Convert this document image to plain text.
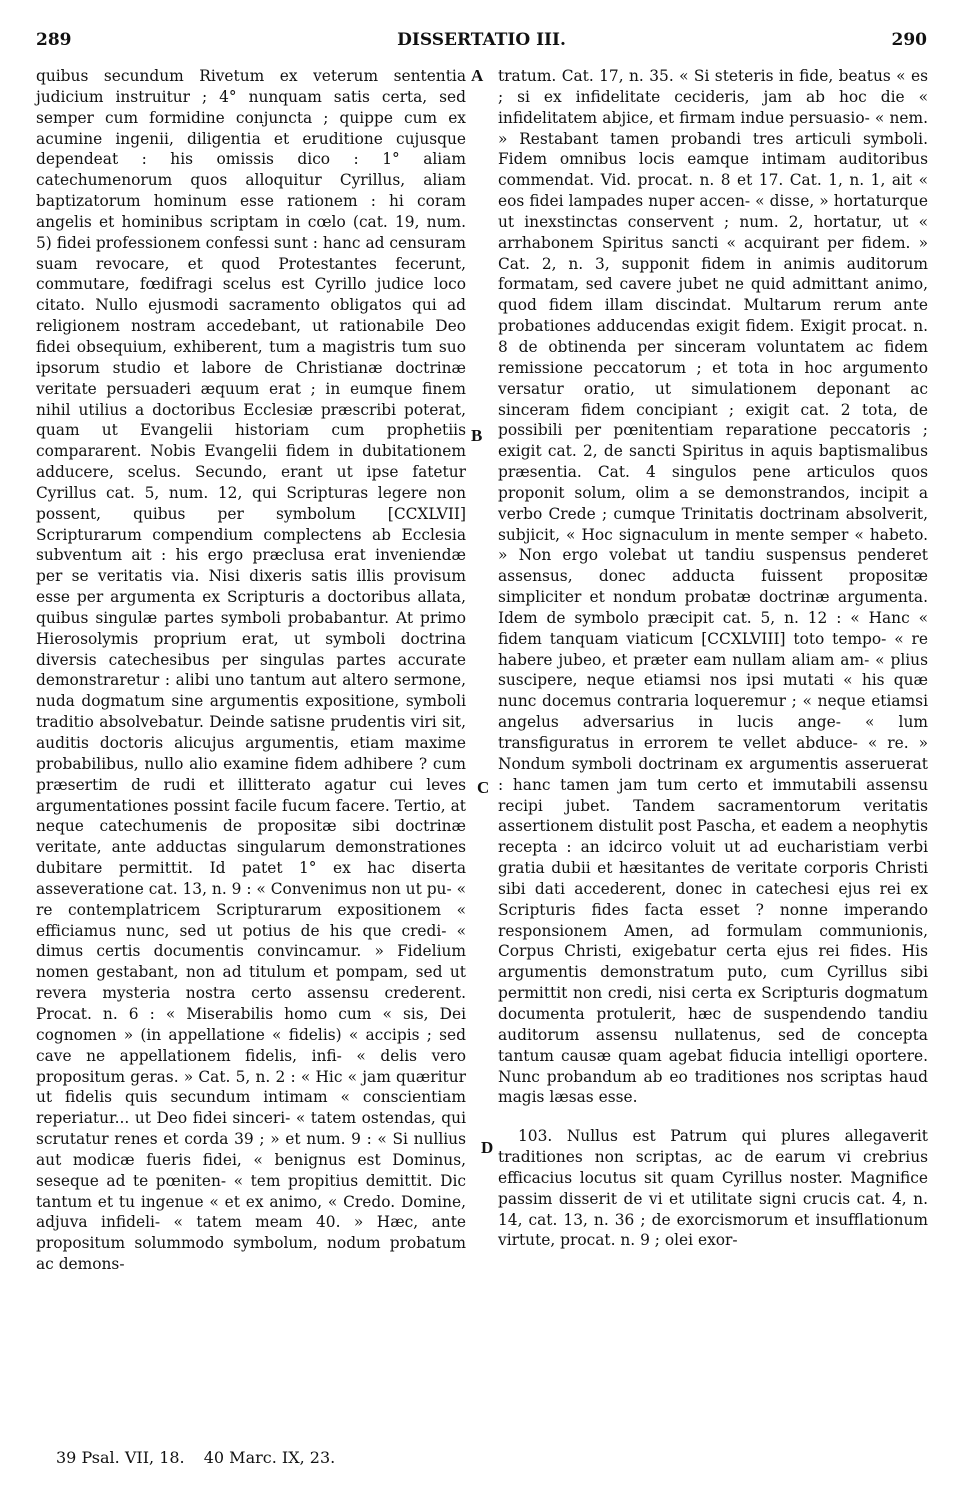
289	DISSERTATIO III.	290

quibus secundum Rivetum ex veterum sententia judicium instruitur ; 4° nunquam satis certa, sed semper cum formidine conjuncta ; quippe cum ex acumine ingenii, diligentia et eruditione cujusque dependeat : his omissis dico : 1° aliam catechumenorum quos alloquitur Cyrillus, aliam baptizatorum hominum esse rationem : hi coram angelis et hominibus scriptam in cœlo (cat. 19, num. 5) fidei professionem confessi sunt : hanc ad censuram suam revocare, et quod Protestantes fecerunt, commutare, fœdifragi scelus est Cyrillo judice loco citato. Nullo ejusmodi sacramento obligatos qui ad religionem nostram accedebant, ut rationabile Deo fidei obsequium, exhiberent, tum a magistris tum suo ipsorum studio et labore de Christianæ doctrinæ veritate persuaderi æquum erat ; in eumque finem nihil utilius a doctoribus Ecclesiæ præscribi poterat, quam ut Evangelii historiam cum prophetiis compararent. Nobis Evangelii fidem in dubitationem adducere, scelus. Secundo, erant ut ipse fatetur Cyrillus cat. 5, num. 12, qui Scripturas legere non possent, quibus per symbolum [CCXLVII] Scripturarum compendium complectens ab Ecclesia subventum ait : his ergo præclusa erat inveniendæ per se veritatis via. Nisi dixeris satis illis provisum esse per argumenta ex Scripturis a doctoribus allata, quibus singulæ partes symboli probabantur. At primo Hierosolymis proprium erat, ut symboli doctrina diversis catechesibus per singulas partes accurate demonstraretur : alibi uno tantum aut altero sermone, nuda dogmatum sine argumentis expositione, symboli traditio absolvebatur. Deinde satisne prudentis viri sit, auditis doctoris alicujus argumentis, etiam maxime probabilibus, nullo alio examine fidem adhibere ? cum præsertim de rudi et illitterato agatur cui leves argumentationes possint facile fucum facere. Tertio, at neque catechumenis de propositæ sibi doctrinæ veritate, ante adductas singularum demonstrationes dubitare permittit. Id patet 1° ex hac diserta asseveratione cat. 13, n. 9 : « Convenimus non ut pu- « re contemplatricem Scripturarum expositionem « efficiamus nunc, sed ut potius de his que credi- « dimus certis documentis convincamur. » Fidelium nomen gestabant, non ad titulum et pompam, sed ut revera mysteria nostra certo assensu crederent. Procat. n. 6 : « Miserabilis homo cum « sis, Dei cognomen » (in appellatione « fidelis) « accipis ; sed cave ne appellationem fidelis, infi- « delis vero propositum geras. » Cat. 5, n. 2 : « Hic « jam quæritur ut fidelis quis secundum intimam « conscientiam reperiatur... ut Deo fidei sinceri- « tatem ostendas, qui scrutatur renes et corda 39 ; » et num. 9 : « Si nullius aut modicæ fueris fidei, « benignus est Dominus, seseque ad te pœniten- « tem propitius demittit. Dic tantum et tu ingenue « et ex animo, « Credo. Domine, adjuva infideli- « tatem meam 40. » Hæc, ante propositum solummodo symbolum, nodum probatum ac demons-

A
B
C
D

tratum. Cat. 17, n. 35. « Si steteris in fide, beatus « es ; si ex infidelitate cecideris, jam ab hoc die « infidelitatem abjice, et firmam indue persuasio- « nem. » Restabant tamen probandi tres articuli symboli. Fidem omnibus locis eamque intimam auditoribus commendat. Vid. procat. n. 8 et 17. Cat. 1, n. 1, ait « eos fidei lampades nuper accen- « disse, » hortaturque ut inexstinctas conservent ; num. 2, hortatur, ut « arrhabonem Spiritus sancti « acquirant per fidem. » Cat. 2, n. 3, supponit fidem in animis auditorum formatam, sed cavere jubet ne quid admittant animo, quod fidem illam discindat. Multarum rerum ante probationes adducendas exigit fidem. Exigit procat. n. 8 de obtinenda per sinceram voluntatem ac fidem remissione peccatorum ; et tota in hoc argumento versatur oratio, ut simulationem deponant ac sinceram fidem concipiant ; exigit cat. 2 tota, de possibili per pœnitentiam reparatione peccatoris ; exigit cat. 2, de sancti Spiritus in aquis baptismalibus præsentia. Cat. 4 singulos pene articulos quos proponit solum, olim a se demonstrandos, incipit a verbo Crede ; cumque Trinitatis doctrinam absolverit, subjicit, « Hoc signaculum in mente semper « habeto. » Non ergo volebat ut tandiu suspensus penderet assensus, donec adducta fuissent propositæ simpliciter et nondum probatæ doctrinæ argumenta. Idem de symbolo præcipit cat. 5, n. 12 : « Hanc « fidem tanquam viaticum [CCXLVIII] toto tempo- « re habere jubeo, et præter eam nullam aliam am- « plius suscipere, neque etiamsi nos ipsi mutati « his quæ nunc docemus contraria loqueremur ; « neque etiamsi angelus adversarius in lucis ange- « lum transfiguratus in errorem te vellet abduce- « re. » Nondum symboli doctrinam ex argumentis asseruerat : hanc tamen jam tum certo et immutabili assensu recipi jubet. Tandem sacramentorum veritatis assertionem distulit post Pascha, et eadem a neophytis recepta : an idcirco voluit ut ad eucharistiam verbi gratia dubii et hæsitantes de veritate corporis Christi sibi dati accederent, donec in catechesi ejus rei ex Scripturis fides facta esset ? nonne imperando responsionem Amen, ad formulam communionis, Corpus Christi, exigebatur certa ejus rei fides. His argumentis demonstratum puto, cum Cyrillus sibi permittit non credi, nisi certa ex Scripturis dogmatum documenta protulerit, hæc de suspendendo tandiu auditorum assensu nullatenus, sed de concepta tantum causæ quam agebat fiducia intelligi oportere. Nunc probandum ab eo traditiones nos scriptas haud magis læsas esse.

103. Nullus est Patrum qui plures allegaverit traditiones non scriptas, ac de earum vi crebrius efficacius locutus sit quam Cyrillus noster. Magnifice passim disserit de vi et utilitate signi crucis cat. 4, n. 14, cat. 13, n. 36 ; de exorcismorum et insufflationum virtute, procat. n. 9 ; olei exor-

39 Psal. VII, 18. 40 Marc. IX, 23.
